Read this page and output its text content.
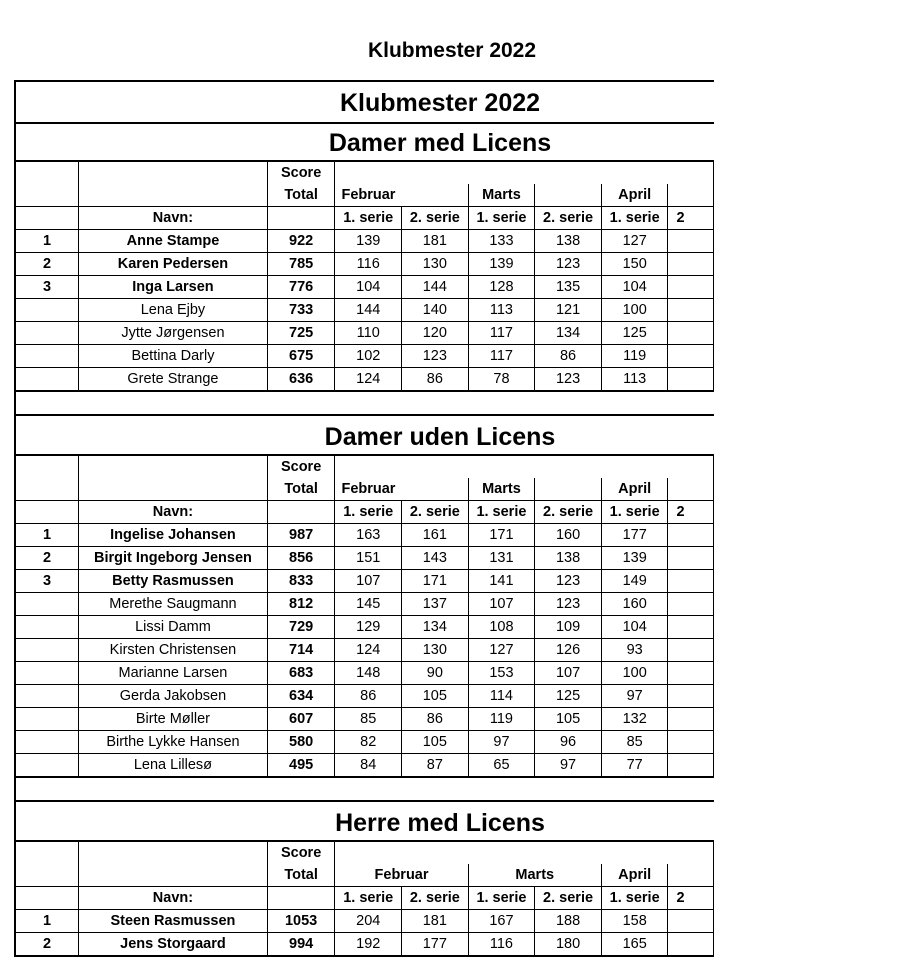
Klubmester 2022
Klubmester 2022
Damer med Licens

		Score						

		Total	Februar		Marts		April	
	Navn:		1. serie	2. serie	1. serie	2. serie	1. serie	2
1	Anne Stampe	922	139	181	133	138	127	
2	Karen Pedersen	785	116	130	139	123	150	
3	Inga Larsen	776	104	144	128	135	104	
	Lena Ejby	733	144	140	113	121	100	
	Jytte Jørgensen	725	110	120	117	134	125	
	Bettina Darly	675	102	123	117	86	119	
	Grete Strange	636	124	86	78	123	113	
Damer uden Licens

		Score						

		Total	Februar		Marts		April	
	Navn:		1. serie	2. serie	1. serie	2. serie	1. serie	2
1	Ingelise Johansen	987	163	161	171	160	177	
2	Birgit Ingeborg Jensen	856	151	143	131	138	139	
3	Betty Rasmussen	833	107	171	141	123	149	
	Merethe Saugmann	812	145	137	107	123	160	
	Lissi Damm	729	129	134	108	109	104	
	Kirsten Christensen	714	124	130	127	126	93	
	Marianne Larsen	683	148	90	153	107	100	
	Gerda Jakobsen	634	86	105	114	125	97	
	Birte Møller	607	85	86	119	105	132	
	Birthe Lykke Hansen	580	82	105	97	96	85	
	Lena Lillesø	495	84	87	65	97	77	
Herre med Licens

		Score						

		Total	Februar		Marts		April	
	Navn:		1. serie	2. serie	1. serie	2. serie	1. serie	2
1	Steen Rasmussen	1053	204	181	167	188	158	
2	Jens Storgaard	994	192	177	116	180	165	
